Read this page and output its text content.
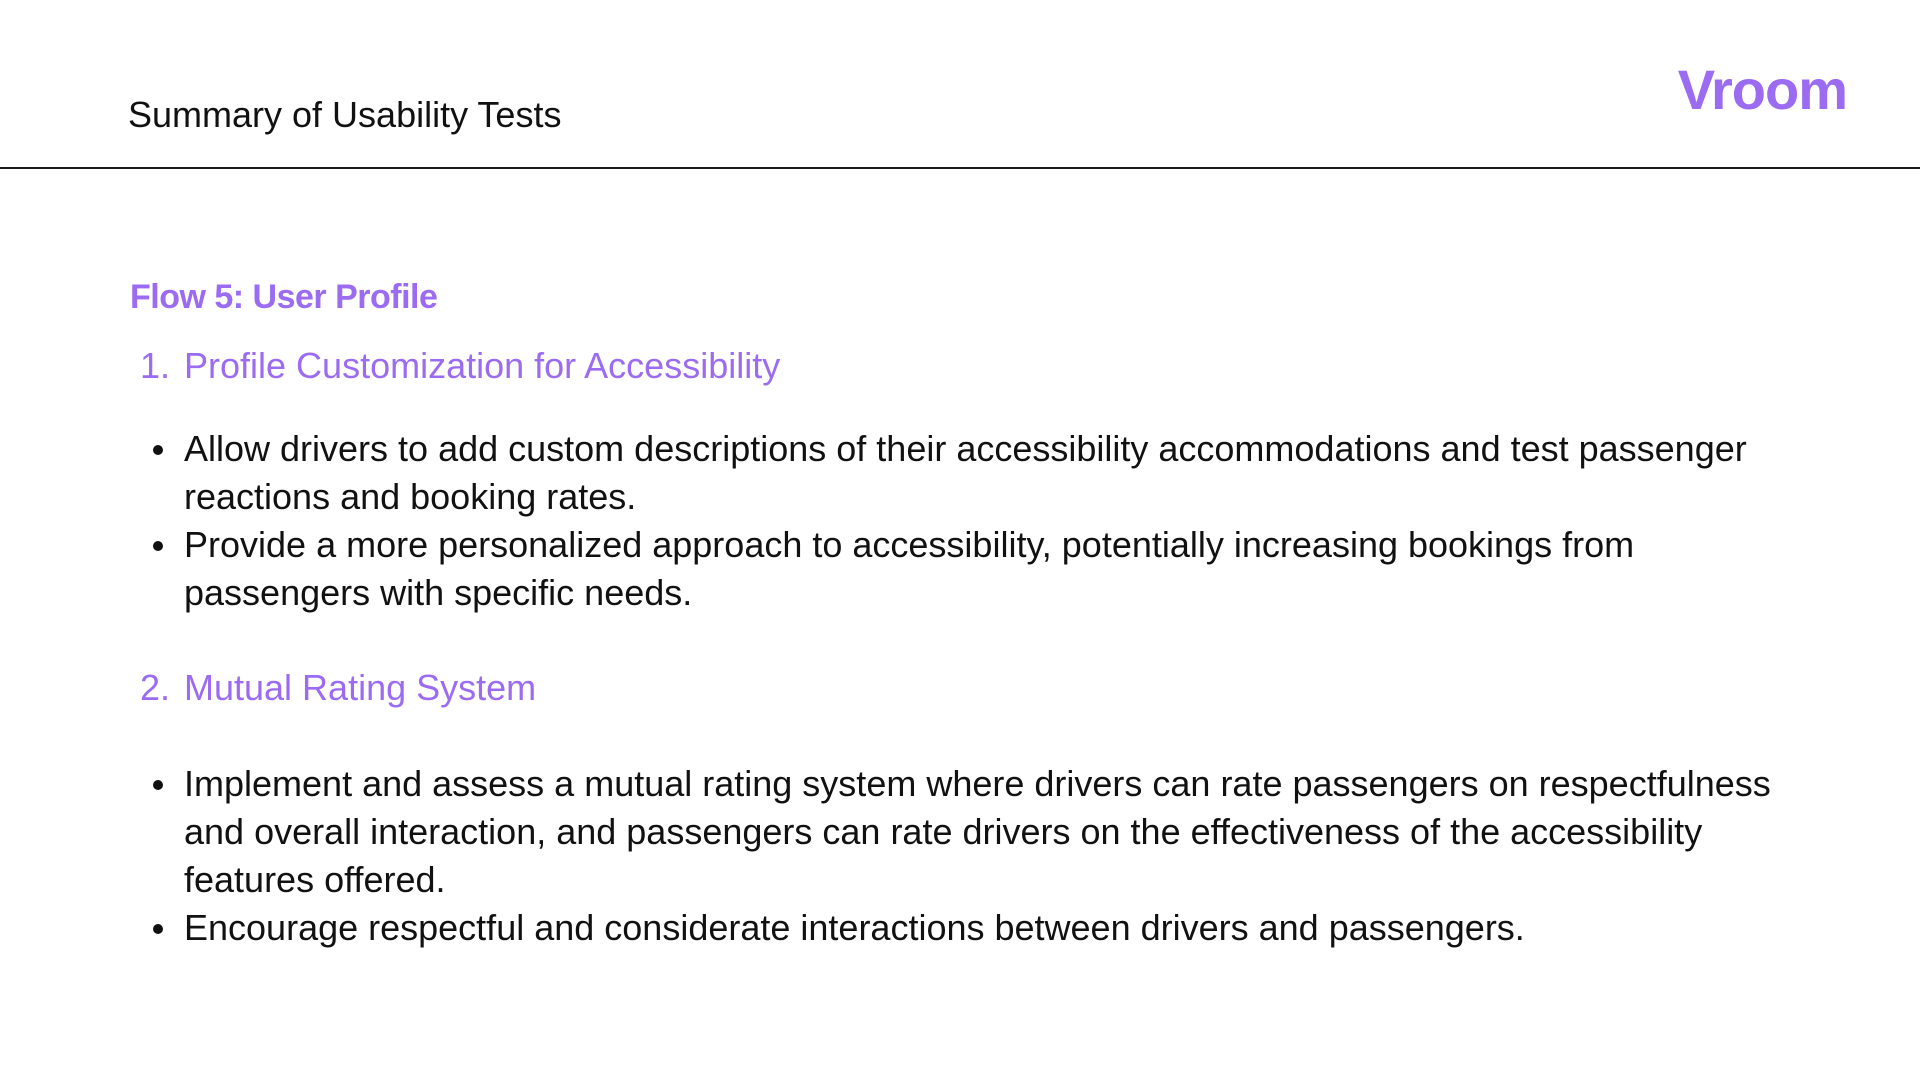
Summary of Usability Tests	Vroom
Flow 5: User Profile
1. Profile Customization for Accessibility
Allow drivers to add custom descriptions of their accessibility accommodations and test passenger reactions and booking rates.
Provide a more personalized approach to accessibility, potentially increasing bookings from passengers with specific needs.
2. Mutual Rating System
Implement and assess a mutual rating system where drivers can rate passengers on respectfulness and overall interaction, and passengers can rate drivers on the effectiveness of the accessibility features offered.
Encourage respectful and considerate interactions between drivers and passengers.
